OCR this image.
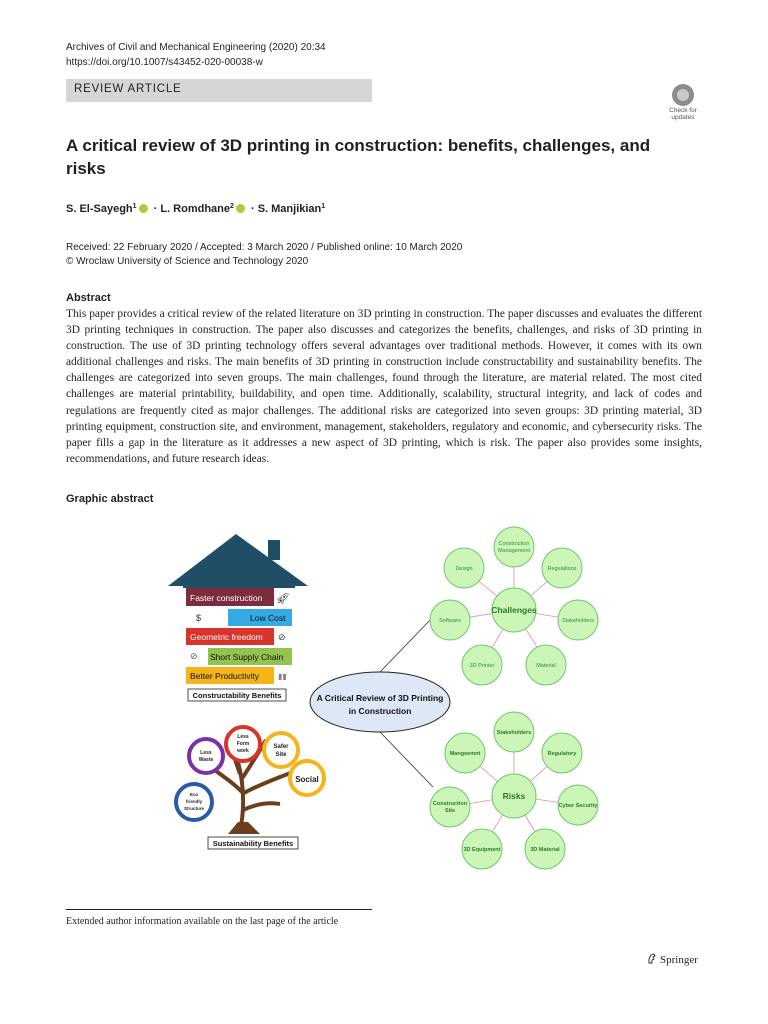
Archives of Civil and Mechanical Engineering (2020) 20:34
https://doi.org/10.1007/s43452-020-00038-w
REVIEW ARTICLE
Check for updates
A critical review of 3D printing in construction: benefits, challenges, and risks
S. El-Sayegh$^1$ · L. Romdhane$^2$ · S. Manjikian$^1$
Received: 22 February 2020 / Accepted: 3 March 2020 / Published online: 10 March 2020
© Wroclaw University of Science and Technology 2020
Abstract
This paper provides a critical review of the related literature on 3D printing in construction. The paper discusses and evaluates the different 3D printing techniques in construction. The paper also discusses and categorizes the benefits, challenges, and risks of 3D printing in construction. The use of 3D printing technology offers several advantages over traditional methods. However, it comes with its own additional challenges and risks. The main benefits of 3D printing in construction include constructability and sustainability benefits. The challenges are categorized into seven groups. The main challenges, found through the literature, are material related. The most cited challenges are material printability, buildability, and open time. Additionally, scalability, structural integrity, and lack of codes and regulations are frequently cited as major challenges. The additional risks are categorized into seven groups: 3D printing material, 3D printing equipment, construction site, and environment, management, stakeholders, regulatory and economic, and cybersecurity risks. The paper fills a gap in the literature as it addresses a new aspect of 3D printing, which is risk. The paper also provides some insights, recommendations, and future research ideas.
Graphic abstract
Faster construction 🚀︎
$	Low Cost
Geometric freedom ⊘
⊘ Short Supply Chain
Better Productivity ▮▮
Constructability Benefits	A Critical Review of 3D Printing
in Construction
Less
Waste
Less
Form
work
Safer
Site
Social
Eco
friendly
Structure
Sustainability Benefits
Challenges
Construction
Management
Regulations
Stakeholders
Material
3D Printer
Software
Design
Risks
Stakeholders
Regulatory
Cyber Security
3D Material
3D Equipment
Construction
Site
Mangeemnt
Extended author information available on the last page of the article
Springer
